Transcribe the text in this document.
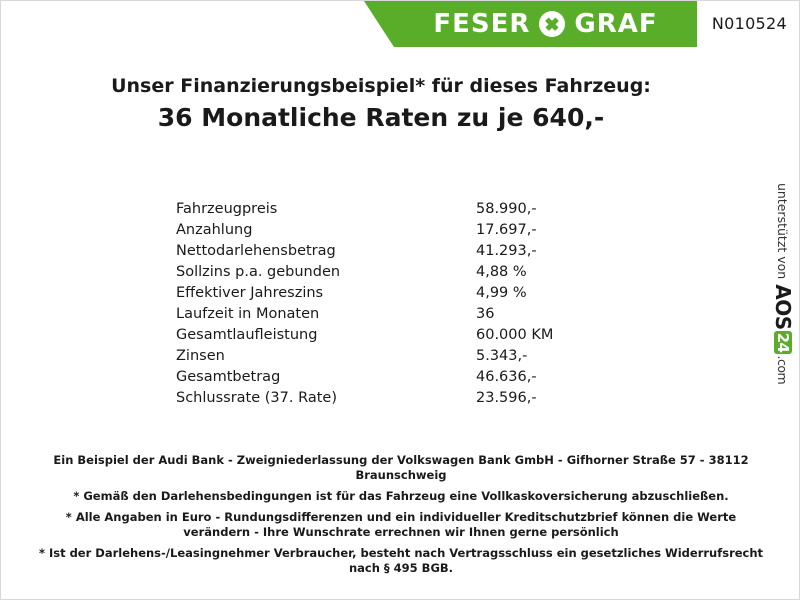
FESER GRAF	N010524
Unser Finanzierungsbeispiel* für dieses Fahrzeug:
36 Monatliche Raten zu je 640,-
Fahrzeugpreis	58.990,-
Anzahlung	17.697,-
Nettodarlehensbetrag	41.293,-
Sollzins p.a. gebunden	4,88 %
Effektiver Jahreszins	4,99 %
Laufzeit in Monaten	36
Gesamtlaufleistung	60.000 KM
Zinsen	5.343,-
Gesamtbetrag	46.636,-
Schlussrate (37. Rate)	23.596,-
unterstützt von
AOS
24
.com

Ein Beispiel der Audi Bank - Zweigniederlassung der Volkswagen Bank GmbH - Gifhorner Straße 57 - 38112 Braunschweig

* Gemäß den Darlehensbedingungen ist für das Fahrzeug eine Vollkaskoversicherung abzuschließen.

* Alle Angaben in Euro - Rundungsdifferenzen und ein individueller Kreditschutzbrief können die Werte verändern - Ihre Wunschrate errechnen wir Ihnen gerne persönlich

* Ist der Darlehens-/Leasingnehmer Verbraucher, besteht nach Vertragsschluss ein gesetzliches Widerrufsrecht nach § 495 BGB.
